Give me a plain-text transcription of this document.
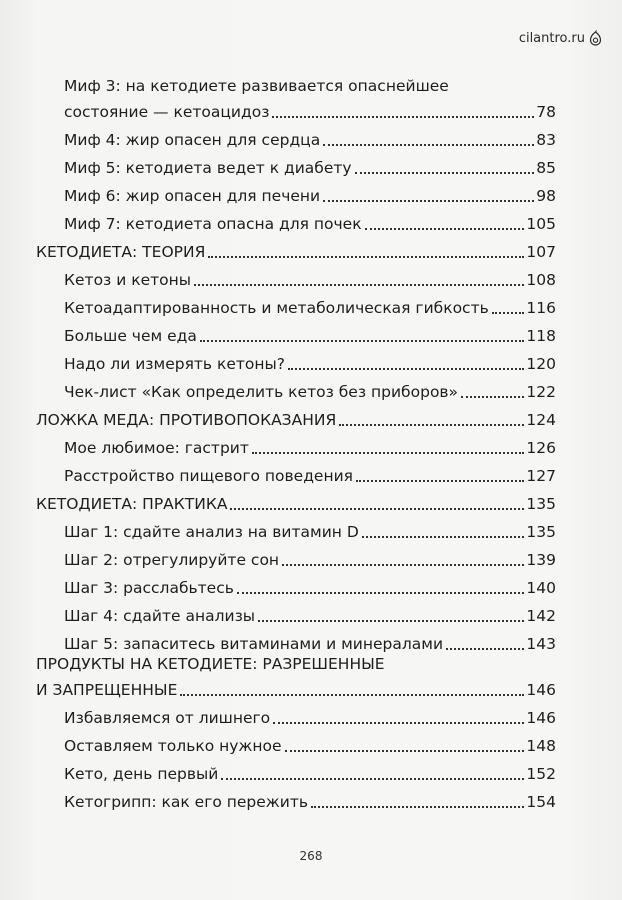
cilantro.ru
Миф 3: на кетодиете развивается опаснейшее
состояние — кетоацидоз	78
Миф 4: жир опасен для сердца	83
Миф 5: кетодиета ведет к диабету	85
Миф 6: жир опасен для печени	98
Миф 7: кетодиета опасна для почек	105
КЕТОДИЕТА: ТЕОРИЯ	107
Кетоз и кетоны	108
Кетоадаптированность и метаболическая гибкость 116
Больше чем еда	118
Надо ли измерять кетоны?	120
Чек-лист «Как определить кетоз без приборов»	122
ЛОЖКА МЕДА: ПРОТИВОПОКАЗАНИЯ	124
Мое любимое: гастрит	126
Расстройство пищевого поведения	127
КЕТОДИЕТА: ПРАКТИКА	135
Шаг 1: сдайте анализ на витамин D	135
Шаг 2: отрегулируйте сон	139
Шаг 3: расслабьтесь	140
Шаг 4: сдайте анализы	142
Шаг 5: запаситесь витаминами и минералами	143
ПРОДУКТЫ НА КЕТОДИЕТЕ: РАЗРЕШЕННЫЕ
И ЗАПРЕЩЕННЫЕ	146
Избавляемся от лишнего	146
Оставляем только нужное	148
Кето, день первый	152
Кетогрипп: как его пережить	154
268
